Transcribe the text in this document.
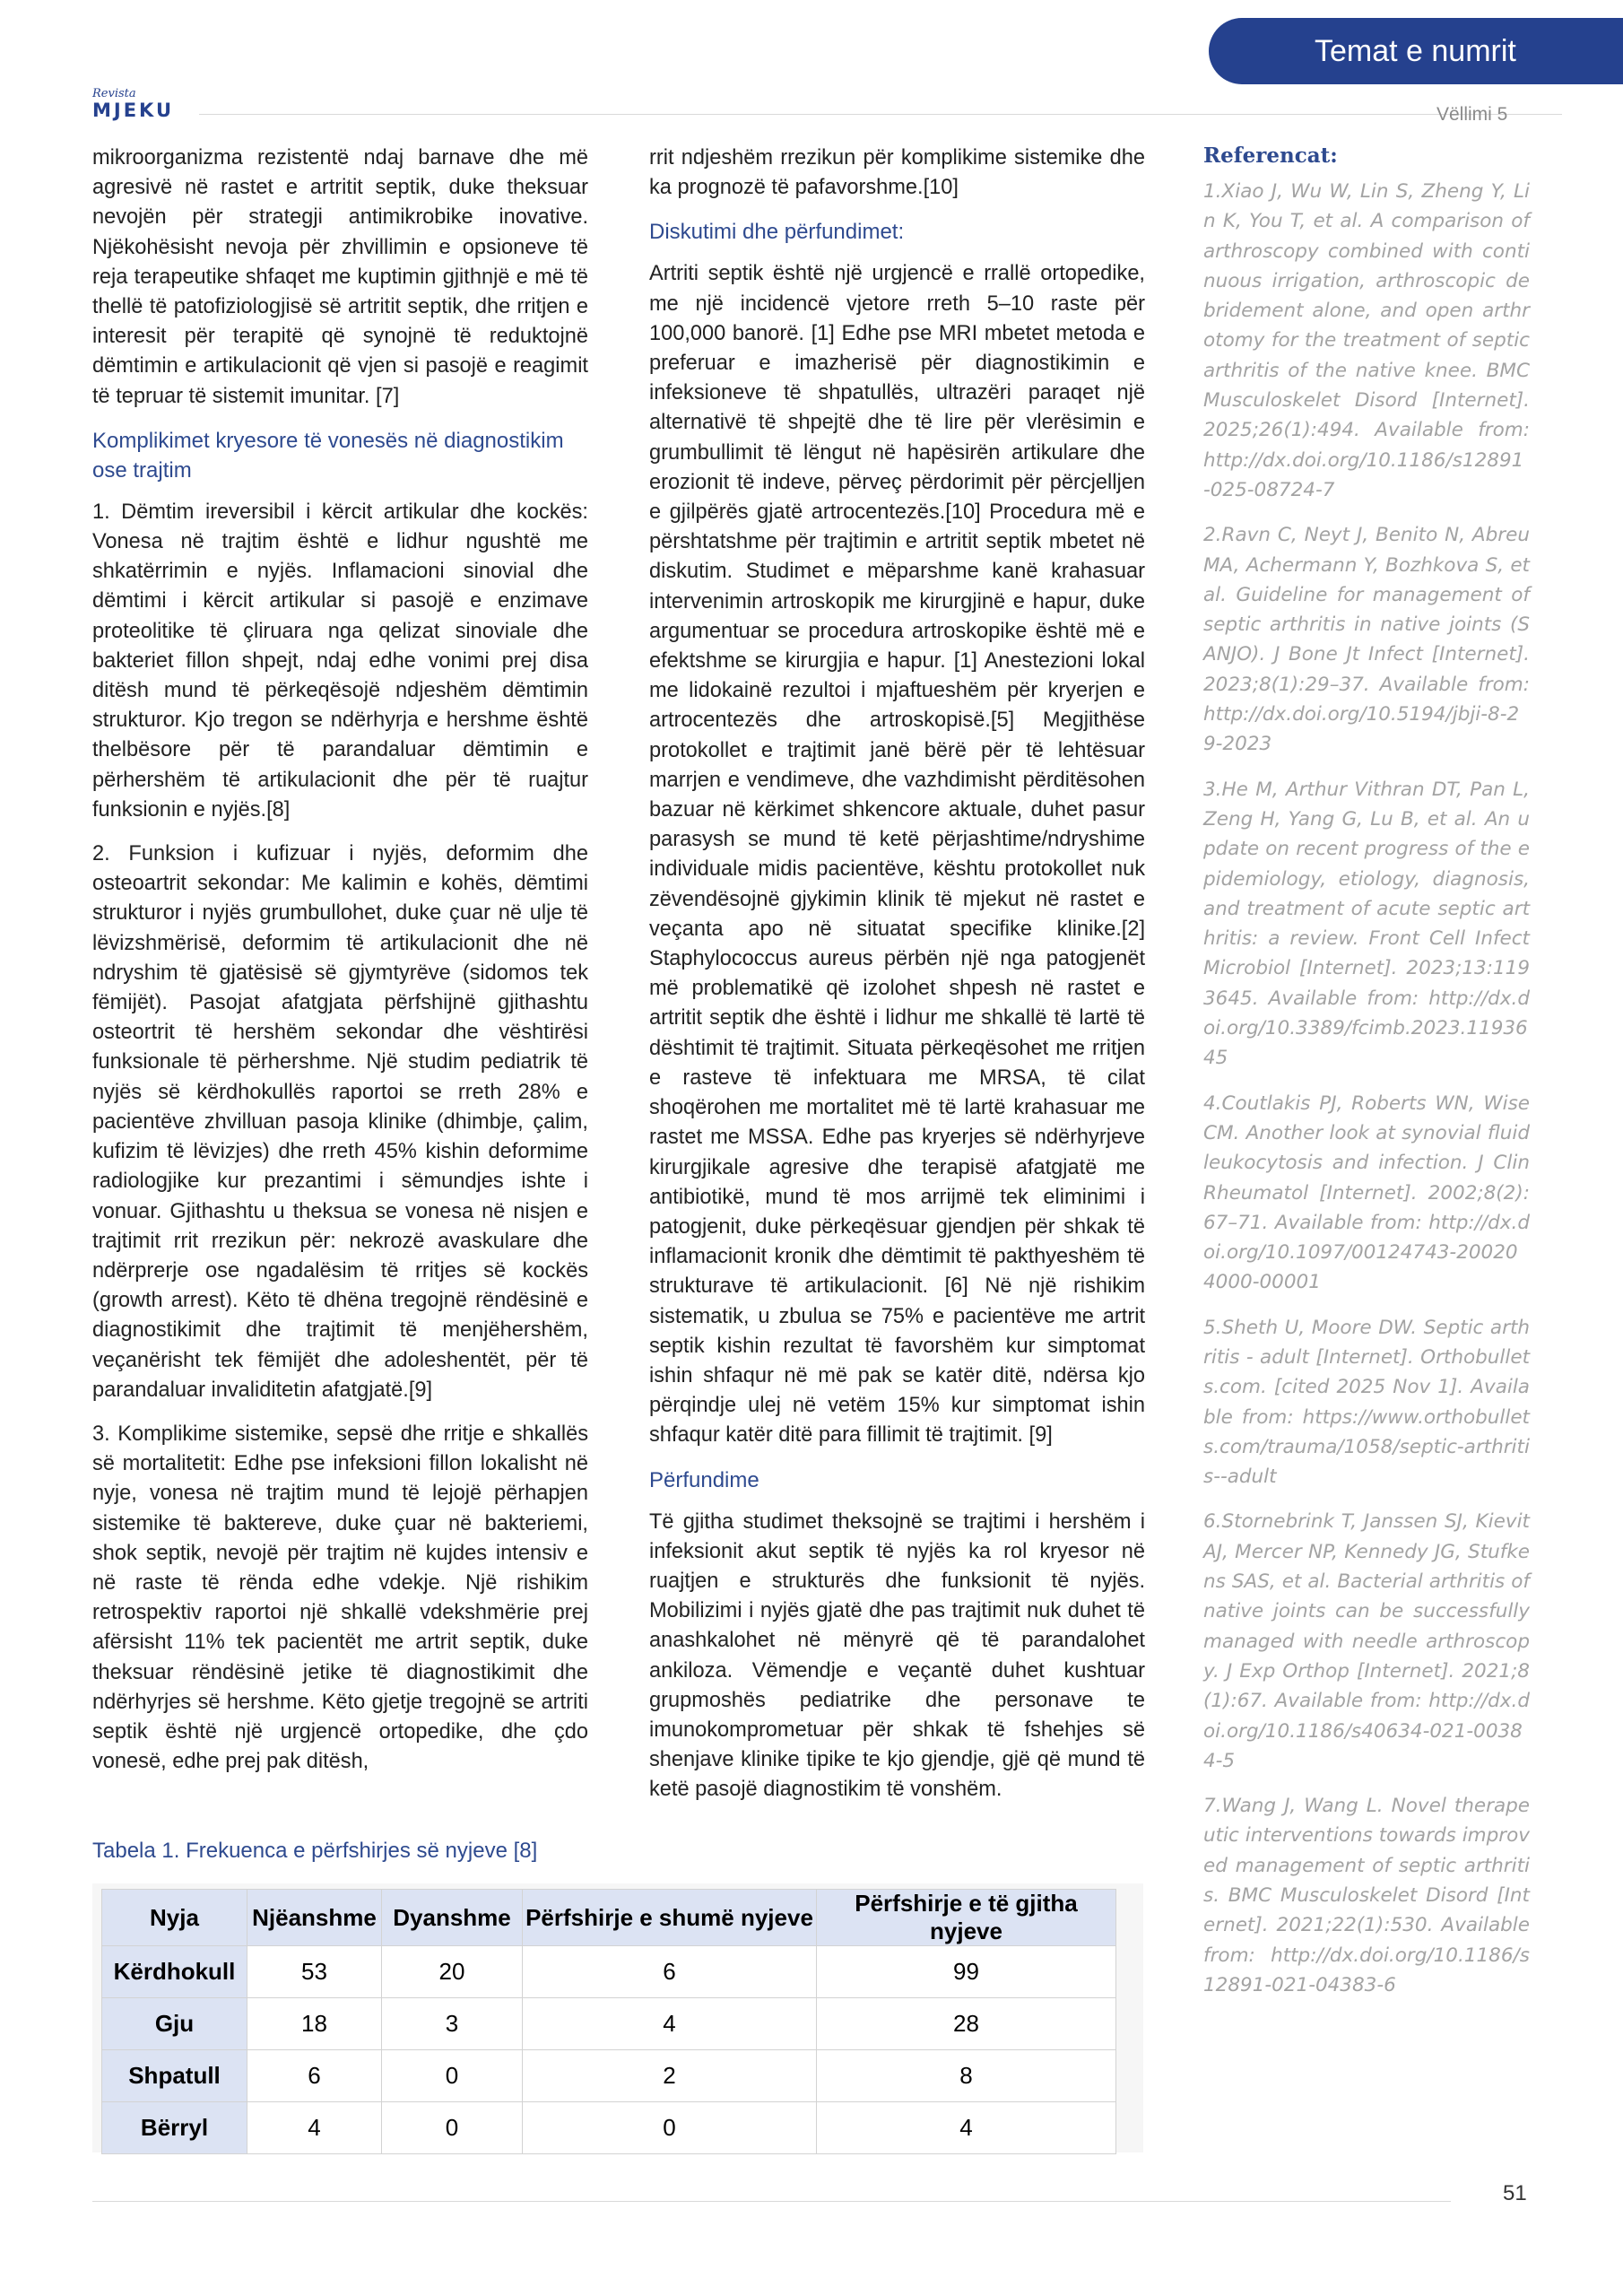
Temat e numrit
Revista
MJEKU	Vëllimi 5

mikroorganizma rezistentë ndaj barnave dhe më agresivë në rastet e artritit septik, duke theksuar nevojën për strategji antimikrobike inovative. Njëkohësisht nevoja për zhvillimin e opsioneve të reja terapeutike shfaqet me kuptimin gjithnjë e më të thellë të patofiziologjisë së artritit septik, dhe rritjen e interesit për terapitë që synojnë të reduktojnë dëmtimin e artikulacionit që vjen si pasojë e reagimit të tepruar të sistemit imunitar. [7]

Komplikimet kryesore të vonesës në diagnostikim ose trajtim

1. Dëmtim ireversibil i kërcit artikular dhe kockës: Vonesa në trajtim është e lidhur ngushtë me shkatërrimin e nyjës. Inflamacioni sinovial dhe dëmtimi i kërcit artikular si pasojë e enzimave proteolitike të çliruara nga qelizat sinoviale dhe bakteriet fillon shpejt, ndaj edhe vonimi prej disa ditësh mund të përkeqësojë ndjeshëm dëmtimin strukturor. Kjo tregon se ndërhyrja e hershme është thelbësore për të parandaluar dëmtimin e përhershëm të artikulacionit dhe për të ruajtur funksionin e nyjës.[8]

2. Funksion i kufizuar i nyjës, deformim dhe osteoartrit sekondar: Me kalimin e kohës, dëmtimi strukturor i nyjës grumbullohet, duke çuar në ulje të lëvizshmërisë, deformim të artikulacionit dhe në ndryshim të gjatësisë së gjymtyrëve (sidomos tek fëmijët). Pasojat afatgjata përfshijnë gjithashtu osteortrit të hershëm sekondar dhe vështirësi funksionale të përhershme. Një studim pediatrik të nyjës së kërdhokullës raportoi se rreth 28% e pacientëve zhvilluan pasoja klinike (dhimbje, çalim, kufizim të lëvizjes) dhe rreth 45% kishin deformime radiologjike kur prezantimi i sëmundjes ishte i vonuar. Gjithashtu u theksua se vonesa në nisjen e trajtimit rrit rrezikun për: nekrozë avaskulare dhe ndërprerje ose ngadalësim të rritjes së kockës (growth arrest). Këto të dhëna tregojnë rëndësinë e diagnostikimit dhe trajtimit të menjëhershëm, veçanërisht tek fëmijët dhe adoleshentët, për të parandaluar invaliditetin afatgjatë.[9]

3. Komplikime sistemike, sepsë dhe rritje e shkallës së mortalitetit: Edhe pse infeksioni fillon lokalisht në nyje, vonesa në trajtim mund të lejojë përhapjen sistemike të baktereve, duke çuar në bakteriemi, shok septik, nevojë për trajtim në kujdes intensiv e në raste të rënda edhe vdekje. Një rishikim retrospektiv raportoi një shkallë vdekshmërie prej afërsisht 11% tek pacientët me artrit septik, duke theksuar rëndësinë jetike të diagnostikimit dhe ndërhyrjes së hershme. Këto gjetje tregojnë se artriti septik është një urgjencë ortopedike, dhe çdo vonesë, edhe prej pak ditësh,

rrit ndjeshëm rrezikun për komplikime sistemike dhe ka prognozë të pafavorshme.[10]

Diskutimi dhe përfundimet:

Artriti septik është një urgjencë e rrallë ortopedike, me një incidencë vjetore rreth 5–10 raste për 100,000 banorë. [1] Edhe pse MRI mbetet metoda e preferuar e imazherisë për diagnostikimin e infeksioneve të shpatullës, ultrazëri paraqet një alternativë të shpejtë dhe të lire për vlerësimin e grumbullimit të lëngut në hapësirën artikulare dhe erozionit të indeve, përveç përdorimit për përcjelljen e gjilpërës gjatë artrocentezës.[10] Procedura më e përshtatshme për trajtimin e artritit septik mbetet në diskutim. Studimet e mëparshme kanë krahasuar intervenimin artroskopik me kirurgjinë e hapur, duke argumentuar se procedura artroskopike është më e efektshme se kirurgjia e hapur. [1] Anestezioni lokal me lidokainë rezultoi i mjaftueshëm për kryerjen e artrocentezës dhe artroskopisë.[5] Megjithëse protokollet e trajtimit janë bërë për të lehtësuar marrjen e vendimeve, dhe vazhdimisht përditësohen bazuar në kërkimet shkencore aktuale, duhet pasur parasysh se mund të ketë përjashtime/ndryshime individuale midis pacientëve, kështu protokollet nuk zëvendësojnë gjykimin klinik të mjekut në rastet e veçanta apo në situatat specifike klinike.[2] Staphylococcus aureus përbën një nga patogjenët më problematikë që izolohet shpesh në rastet e artritit septik dhe është i lidhur me shkallë të lartë të dështimit të trajtimit. Situata përkeqësohet me rritjen e rasteve të infektuara me MRSA, të cilat shoqërohen me mortalitet më të lartë krahasuar me rastet me MSSA. Edhe pas kryerjes së ndërhyrjeve kirurgjikale agresive dhe terapisë afatgjatë me antibiotikë, mund të mos arrijmë tek eliminimi i patogjenit, duke përkeqësuar gjendjen për shkak të inflamacionit kronik dhe dëmtimit të pakthyeshëm të strukturave të artikulacionit. [6] Në një rishikim sistematik, u zbulua se 75% e pacientëve me artrit septik kishin rezultat të favorshëm kur simptomat ishin shfaqur në më pak se katër ditë, ndërsa kjo përqindje ulej në vetëm 15% kur simptomat ishin shfaqur katër ditë para fillimit të trajtimit. [9]

Përfundime

Të gjitha studimet theksojnë se trajtimi i hershëm i infeksionit akut septik të nyjës ka rol kryesor në ruajtjen e strukturës dhe funksionit të nyjës. Mobilizimi i nyjës gjatë dhe pas trajtimit nuk duhet të anashkalohet në mënyrë që të parandalohet ankiloza. Vëmendje e veçantë duhet kushtuar grupmoshës pediatrike dhe personave te imunokomprometuar për shkak të fshehjes së shenjave klinike tipike te kjo gjendje, gjë që mund të ketë pasojë diagnostikim të vonshëm.

Referencat:
1.Xiao J, Wu W, Lin S, Zheng Y, Lin K, You T, et al. A comparison of arthroscopy combined with continuous irrigation, arthroscopic debridement alone, and open arthrotomy for the treatment of septic arthritis of the native knee. BMC Musculoskelet Disord [Internet]. 2025;26(1):494. Available from: http://dx.doi.org/10.1186/s12891-025-08724-7
2.Ravn C, Neyt J, Benito N, Abreu MA, Achermann Y, Bozhkova S, et al. Guideline for management of septic arthritis in native joints (SANJO). J Bone Jt Infect [Internet]. 2023;8(1):29–37. Available from: http://dx.doi.org/10.5194/jbji-8-29-2023
3.He M, Arthur Vithran DT, Pan L, Zeng H, Yang G, Lu B, et al. An update on recent progress of the epidemiology, etiology, diagnosis, and treatment of acute septic arthritis: a review. Front Cell Infect Microbiol [Internet]. 2023;13:1193645. Available from: http://dx.doi.org/10.3389/fcimb.2023.1193645
4.Coutlakis PJ, Roberts WN, Wise CM. Another look at synovial fluid leukocytosis and infection. J Clin Rheumatol [Internet]. 2002;8(2):67–71. Available from: http://dx.doi.org/10.1097/00124743-200204000-00001
5.Sheth U, Moore DW. Septic arthritis - adult [Internet]. Orthobullets.com. [cited 2025 Nov 1]. Available from: https://www.orthobullets.com/trauma/1058/septic-arthritis--adult
6.Stornebrink T, Janssen SJ, Kievit AJ, Mercer NP, Kennedy JG, Stufkens SAS, et al. Bacterial arthritis of native joints can be successfully managed with needle arthroscopy. J Exp Orthop [Internet]. 2021;8(1):67. Available from: http://dx.doi.org/10.1186/s40634-021-00384-5
7.Wang J, Wang L. Novel therapeutic interventions towards improved management of septic arthritis. BMC Musculoskelet Disord [Internet]. 2021;22(1):530. Available from: http://dx.doi.org/10.1186/s12891-021-04383-6
Tabela 1. Frekuenca e përfshirjes së nyjeve [8]
Nyja	Njëanshme	Dyanshme	Përfshirje e shumë nyjeve	Përfshirje e të gjitha nyjeve
Kërdhokull	53	20	6	99
Gju	18	3	4	28
Shpatull	6	0	2	8
Bërryl	4	0	0	4
51
